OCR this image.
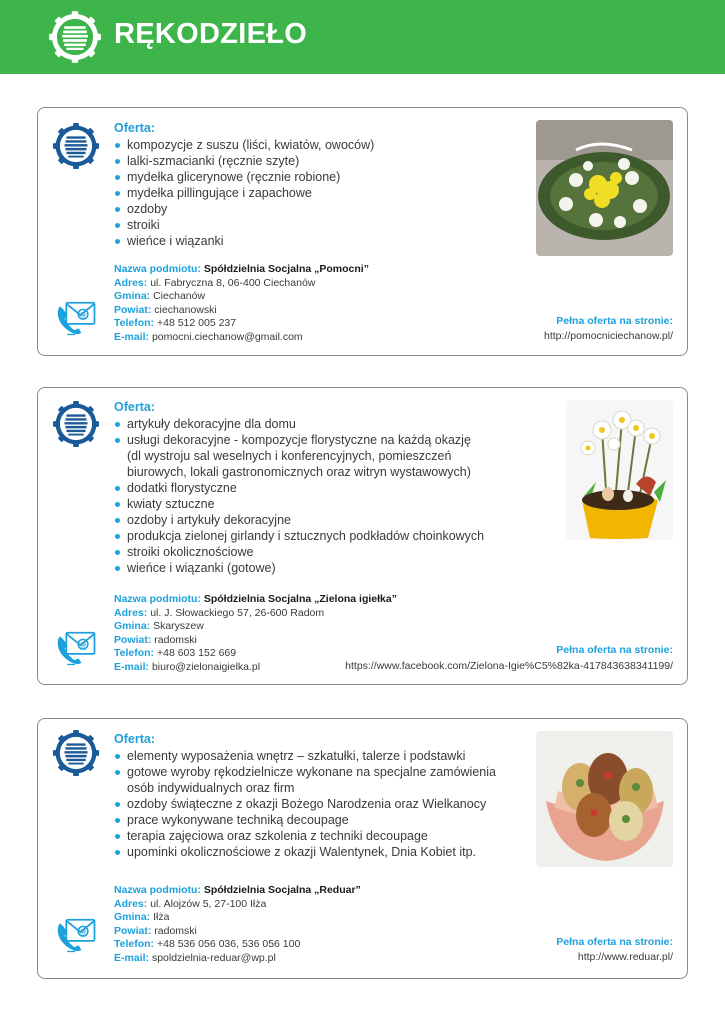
RĘKODZIEŁO
Oferta:
kompozycje z suszu (liści, kwiatów, owoców)
lalki-szmacianki (ręcznie szyte)
mydełka glicerynowe (ręcznie robione)
mydełka pillingujące i zapachowe
ozdoby
stroiki
wieńce i wiązanki
Nazwa podmiotu: Spółdzielnia Socjalna „Pomocni”
Adres: ul. Fabryczna 8, 06-400 Ciechanów
Gmina: Ciechanów
Powiat: ciechanowski
Telefon: +48 512 005 237
E-mail: pomocni.ciechanow@gmail.com
Pełna oferta na stronie:
http://pomocniciechanow.pl/
Oferta:
artykuły dekoracyjne dla domu
usługi dekoracyjne - kompozycje florystyczne na każdą okazję
(dl wystroju sal weselnych i konferencyjnych, pomieszczeń
biurowych, lokali gastronomicznych oraz witryn wystawowych)
dodatki florystyczne
kwiaty sztuczne
ozdoby i artykuły dekoracyjne
produkcja zielonej girlandy i sztucznych podkładów choinkowych
stroiki okolicznościowe
wieńce i wiązanki (gotowe)
Nazwa podmiotu: Spółdzielnia Socjalna „Zielona igiełka”
Adres: ul. J. Słowackiego 57, 26-600 Radom
Gmina: Skaryszew
Powiat: radomski
Telefon: +48 603 152 669
E-mail: biuro@zielonaigielka.pl
Pełna oferta na stronie:
https://www.facebook.com/Zielona-Igie%C5%82ka-417843638341199/
Oferta:
elementy wyposażenia wnętrz – szkatułki, talerze i podstawki
gotowe wyroby rękodzielnicze wykonane na specjalne zamówienia
osób indywidualnych oraz firm
ozdoby świąteczne z okazji Bożego Narodzenia oraz Wielkanocy
prace wykonywane techniką decoupage
terapia zajęciowa oraz szkolenia z techniki decoupage
upominki okolicznościowe z okazji Walentynek, Dnia Kobiet itp.
Nazwa podmiotu: Spółdzielnia Socjalna „Reduar”
Adres: ul. Alojzów 5, 27-100 Iłża
Gmina: Iłża
Powiat: radomski
Telefon: +48 536 056 036, 536 056 100
E-mail: spoldzielnia-reduar@wp.pl
Pełna oferta na stronie:
http://www.reduar.pl/
